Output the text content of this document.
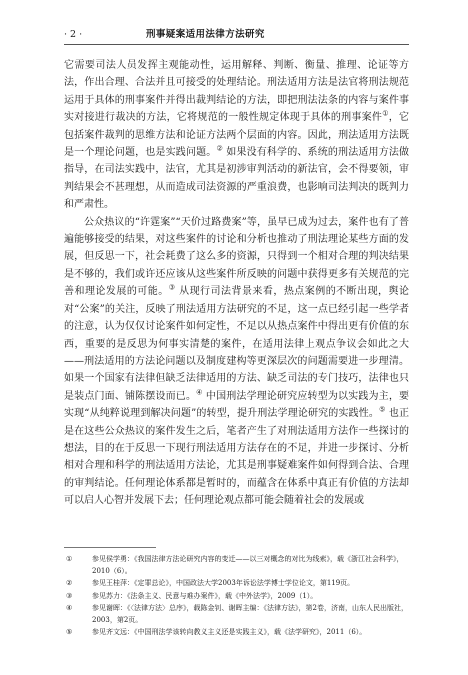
· 2 ·	刑事疑案适用法律方法研究

它需要司法人员发挥主观能动性，运用解释、判断、衡量、推理、论证等方法，作出合理、合法并且可接受的处理结论。刑法适用方法是法官将刑法规范运用于具体的刑事案件并得出裁判结论的方法，即把刑法法条的内容与案件事实对接进行裁决的方法，它将规范的一般性规定体现于具体的刑事案件①，它包括案件裁判的思维方法和论证方法两个层面的内容。因此，刑法适用方法既是一个理论问题，也是实践问题。② 如果没有科学的、系统的刑法适用方法做指导，在司法实践中，法官，尤其是初涉审判活动的新法官，会不得要领，审判结果会不甚理想，从而造成司法资源的严重浪费，也影响司法判决的既判力和严肃性。

公众热议的“许霆案”“天价过路费案”等，虽早已成为过去，案件也有了普遍能够接受的结果，对这些案件的讨论和分析也推动了刑法理论某些方面的发展，但反思一下，社会耗费了这么多的资源，只得到一个相对合理的判决结果是不够的，我们或许还应该从这些案件所反映的问题中获得更多有关规范的完善和理论发展的可能。③ 从现行司法背景来看，热点案例的不断出现，舆论对“公案”的关注，反映了刑法适用方法研究的不足，这一点已经引起一些学者的注意，认为仅仅讨论案件如何定性，不足以从热点案件中得出更有价值的东西，重要的是反思为何事实清楚的案件，在适用法律上观点争议会如此之大——刑法适用的方法论问题以及制度建构等更深层次的问题需要进一步理清。如果一个国家有法律但缺乏法律适用的方法、缺乏司法的专门技巧，法律也只是装点门面、铺陈摆设而已。④ 中国刑法学理论研究应转型为以实践为主，要实现“从纯粹说理到解决问题”的转型，提升刑法学理论研究的实践性。⑤ 也正是在这些公众热议的案件发生之后，笔者产生了对刑法适用方法作一些探讨的想法，目的在于反思一下现行刑法适用方法存在的不足，并进一步探讨、分析相对合理和科学的刑法适用方法论，尤其是刑事疑难案件如何得到合法、合理的审判结论。任何理论体系都是暂时的，而蕴含在体系中真正有价值的方法却可以启人心智并发展下去；任何理论观点都可能会随着社会的发展或

①	参见侯学勇：《我国法律方法论研究内容的变迁——以三对概念的对比为线索》，载《浙江社会科学》，2010（6）。
②	参见王桂萍：《定罪总论》，中国政法大学2003年诉讼法学博士学位论文，第119页。
③	参见苏力：《法条主义、民意与难办案件》，载《中外法学》，2009（1）。
④	参见谢晖：《〈法律方法〉总序》，载陈金钊、谢晖主编：《法律方法》，第2卷，济南，山东人民出版社，2003，第2页。
⑤	参见齐文远：《中国刑法学该转向教义主义还是实践主义》，载《法学研究》，2011（6）。
